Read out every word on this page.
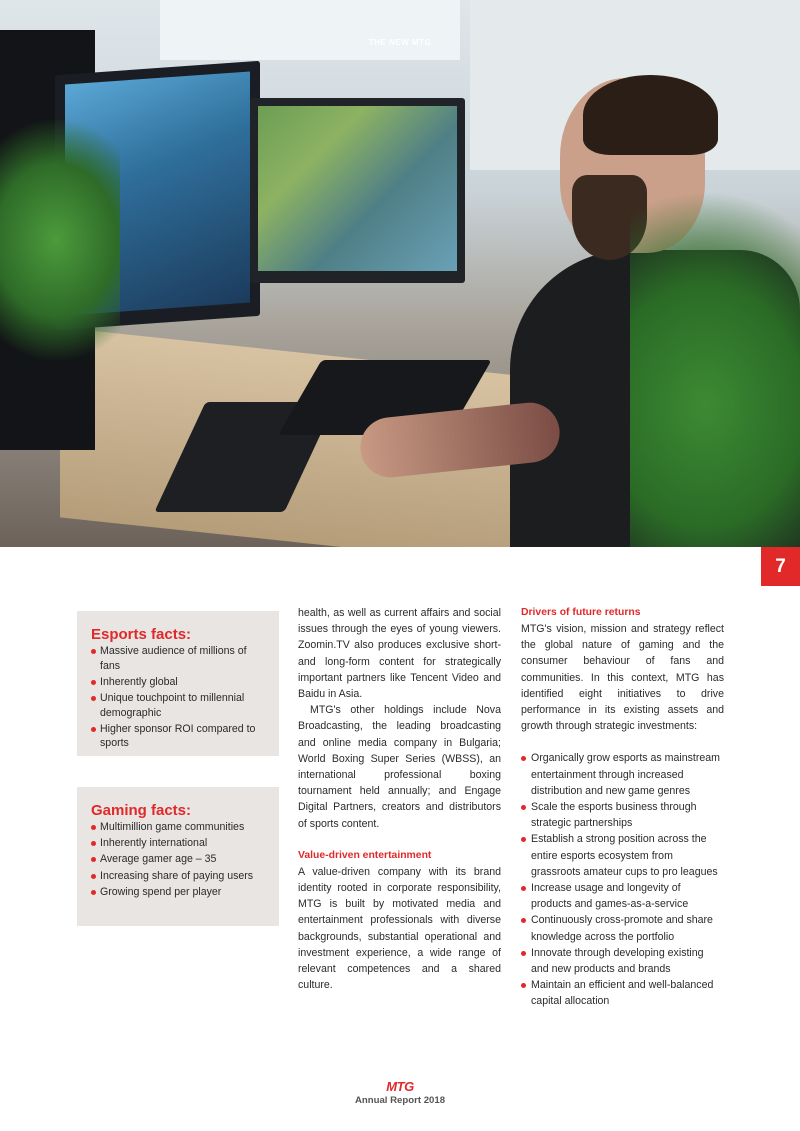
THE NEW MTG
7
Esports facts:
Massive audience of millions of fans
Inherently global
Unique touchpoint to millennial demographic
Higher sponsor ROI compared to sports
Gaming facts:
Multimillion game communities
Inherently international
Average gamer age – 35
Increasing share of paying users
Growing spend per player

health, as well as current affairs and social issues through the eyes of young viewers. Zoomin.TV also produces exclusive short- and long-form content for strategically important partners like Tencent Video and Baidu in Asia.

MTG's other holdings include Nova Broadcasting, the leading broadcasting and online media company in Bulgaria; World Boxing Super Series (WBSS), an international professional boxing tournament held annually; and Engage Digital Partners, creators and distributors of sports content.

Value-driven entertainment

A value-driven company with its brand identity rooted in corporate responsibility, MTG is built by motivated media and entertainment professionals with diverse backgrounds, substantial operational and investment experience, a wide range of relevant competences and a shared culture.

Drivers of future returns

MTG's vision, mission and strategy reflect the global nature of gaming and the consumer behaviour of fans and communities. In this context, MTG has identified eight initiatives to drive performance in its existing assets and growth through strategic investments:

Organically grow esports as mainstream entertainment through increased distribution and new game genres
Scale the esports business through strategic partnerships
Establish a strong position across the entire esports ecosystem from grassroots amateur cups to pro leagues
Increase usage and longevity of products and games-as-a-service
Continuously cross-promote and share knowledge across the portfolio
Innovate through developing existing and new products and brands
Maintain an efficient and well-balanced capital allocation
MTG
Annual Report 2018
